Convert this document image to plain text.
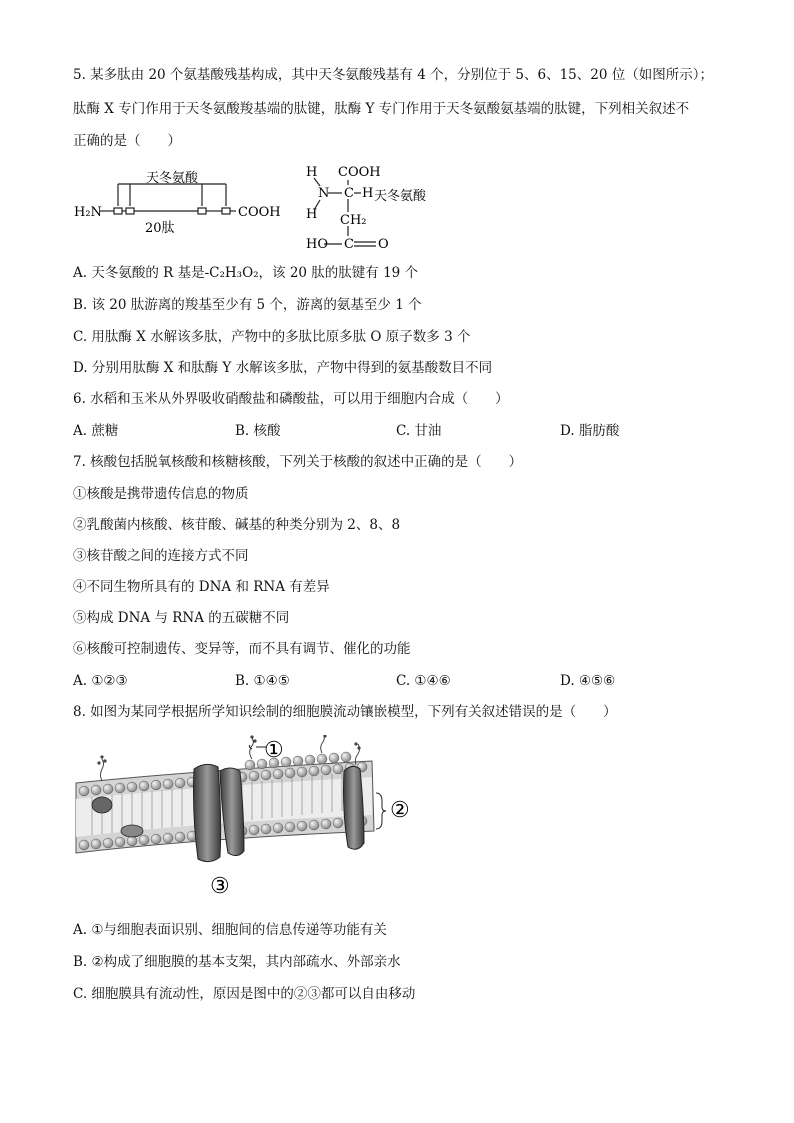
5. 某多肽由 20 个氨基酸残基构成，其中天冬氨酸残基有 4 个，分别位于 5、6、15、20 位（如图所示）；
肽酶 X 专门作用于天冬氨酸羧基端的肽键，肽酶 Y 专门作用于天冬氨酸氨基端的肽键，下列相关叙述不
正确的是（　　）
天冬氨酸
H₂N	COOH
20肽
H COOH
N C H 天冬氨酸
H CH₂
HO C O
A. 天冬氨酸的 R 基是-C₂H₃O₂，该 20 肽的肽键有 19 个
B. 该 20 肽游离的羧基至少有 5 个，游离的氨基至少 1 个
C. 用肽酶 X 水解该多肽，产物中的多肽比原多肽 O 原子数多 3 个
D. 分别用肽酶 X 和肽酶 Y 水解该多肽，产物中得到的氨基酸数目不同
6. 水稻和玉米从外界吸收硝酸盐和磷酸盐，可以用于细胞内合成（　　）
A. 蔗糖	B. 核酸	C. 甘油	D. 脂肪酸
7. 核酸包括脱氧核酸和核糖核酸，下列关于核酸的叙述中正确的是（　　）
①核酸是携带遗传信息的物质
②乳酸菌内核酸、核苷酸、碱基的种类分别为 2、8、8
③核苷酸之间的连接方式不同
④不同生物所具有的 DNA 和 RNA 有差异
⑤构成 DNA 与 RNA 的五碳糖不同
⑥核酸可控制遗传、变异等，而不具有调节、催化的功能
A. ①②③	B. ①④⑤	C. ①④⑥	D. ④⑤⑥
8. 如图为某同学根据所学知识绘制的细胞膜流动镶嵌模型，下列有关叙述错误的是（　　）
①
②
③
A. ①与细胞表面识别、细胞间的信息传递等功能有关
B. ②构成了细胞膜的基本支架，其内部疏水、外部亲水
C. 细胞膜具有流动性，原因是图中的②③都可以自由移动
